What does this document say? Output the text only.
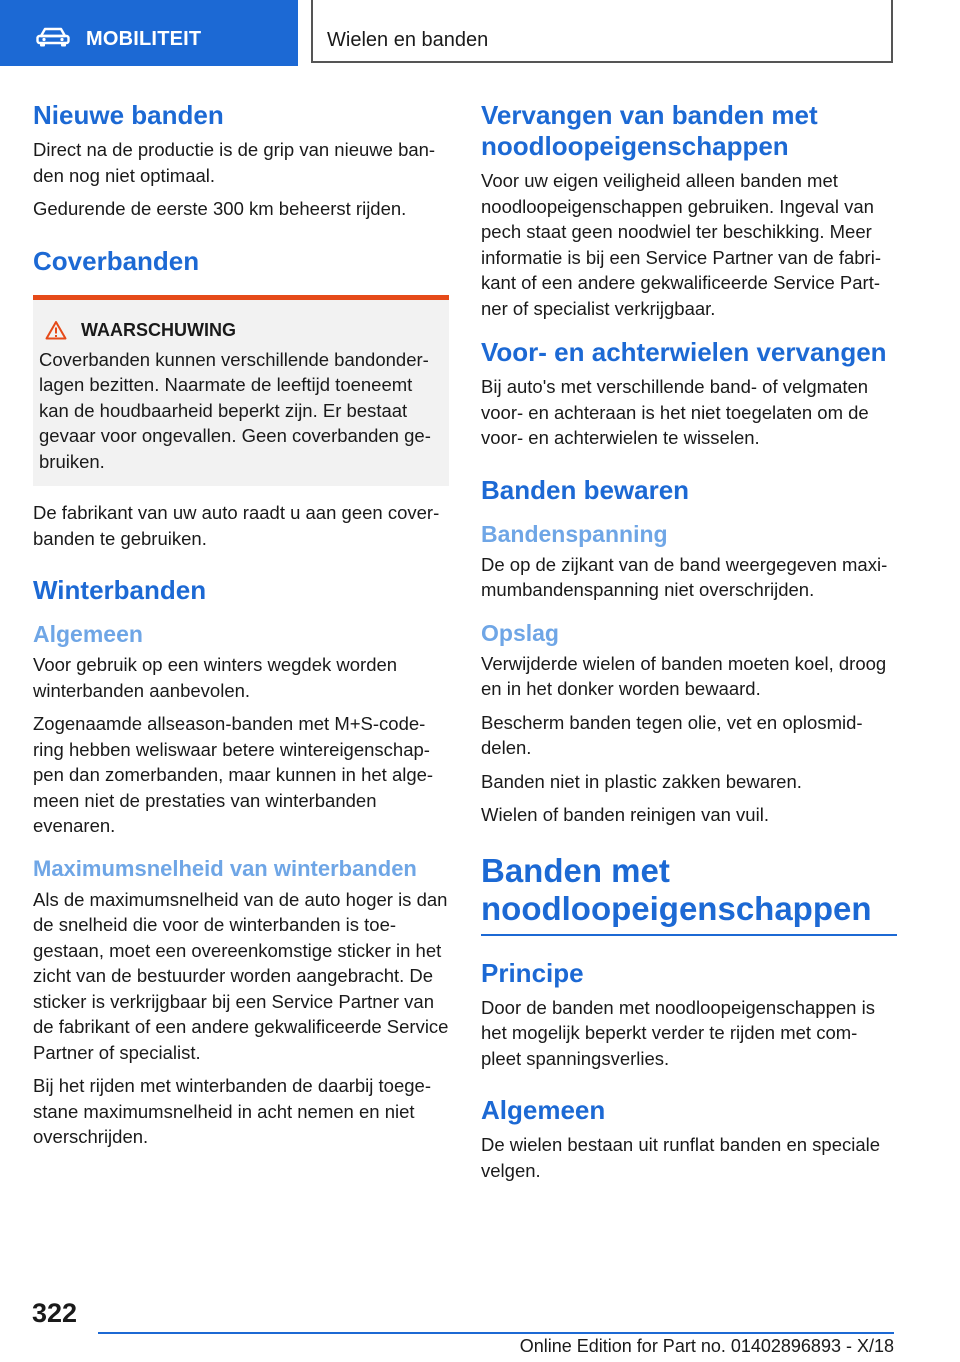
MOBILITEIT	Wielen en banden
Nieuwe banden

Direct na de productie is de grip van nieuwe ban-den nog niet optimaal.

Gedurende de eerste 300 km beheerst rijden.

Coverbanden
WAARSCHUWING

Coverbanden kunnen verschillende bandonder-lagen bezitten. Naarmate de leeftijd toeneemt kan de houdbaarheid beperkt zijn. Er bestaat gevaar voor ongevallen. Geen coverbanden ge-bruiken.

De fabrikant van uw auto raadt u aan geen cover-banden te gebruiken.

Winterbanden
Algemeen

Voor gebruik op een winters wegdek worden winterbanden aanbevolen.

Zogenaamde allseason-banden met M+S-code-ring hebben weliswaar betere wintereigenschap-pen dan zomerbanden, maar kunnen in het alge-meen niet de prestaties van winterbanden evenaren.

Maximumsnelheid van winterbanden

Als de maximumsnelheid van de auto hoger is dan de snelheid die voor de winterbanden is toe-gestaan, moet een overeenkomstige sticker in het zicht van de bestuurder worden aangebracht. De sticker is verkrijgbaar bij een Service Partner van de fabrikant of een andere gekwalificeerde Service Partner of specialist.

Bij het rijden met winterbanden de daarbij toege-stane maximumsnelheid in acht nemen en niet overschrijden.

Vervangen van banden met noodloopeigenschappen

Voor uw eigen veiligheid alleen banden met noodloopeigenschappen gebruiken. Ingeval van pech staat geen noodwiel ter beschikking. Meer informatie is bij een Service Partner van de fabri-kant of een andere gekwalificeerde Service Part-ner of specialist verkrijgbaar.

Voor- en achterwielen vervangen

Bij auto's met verschillende band- of velgmaten voor- en achteraan is het niet toegelaten om de voor- en achterwielen te wisselen.

Banden bewaren
Bandenspanning

De op de zijkant van de band weergegeven maxi-mumbandenspanning niet overschrijden.

Opslag

Verwijderde wielen of banden moeten koel, droog en in het donker worden bewaard.

Bescherm banden tegen olie, vet en oplosmid-delen.

Banden niet in plastic zakken bewaren.

Wielen of banden reinigen van vuil.

Banden met noodloopeigenschappen
Principe

Door de banden met noodloopeigenschappen is het mogelijk beperkt verder te rijden met com-pleet spanningsverlies.

Algemeen

De wielen bestaan uit runflat banden en speciale velgen.

322
Online Edition for Part no. 01402896893 - X/18
